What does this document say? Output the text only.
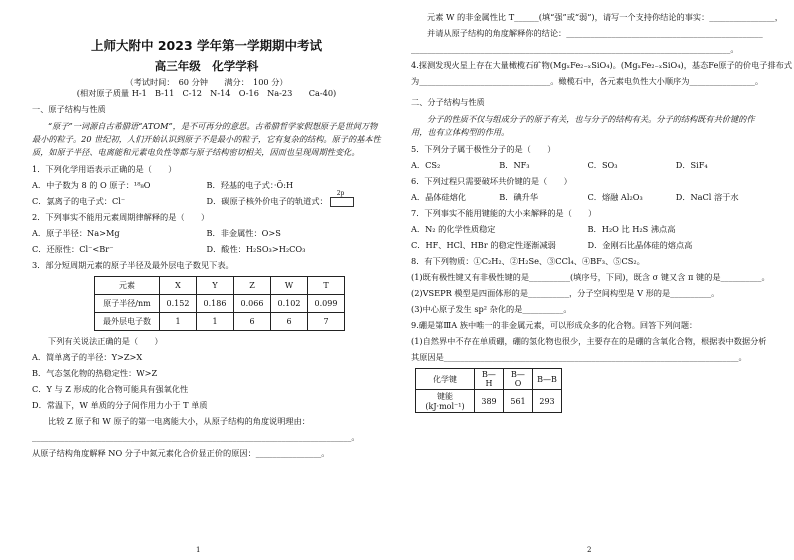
上师大附中 2023 学年第一学期期中考试

高三年级　化学学科

（考试时间：　60 分钟　　满分：　100 分）

(相对原子质量 H-1　B-11　C-12　N-14　O-16　Na-23　　Ca-40)

一、原子结构与性质

“原子”一词源自古希腊语“ATOM”，是不可再分的意思。古希腊哲学家假想原子是世间万物最小的粒子。20 世纪初，人们开始认识到原子不是最小的粒子，它有复杂的结构。原子的基本性质，如原子半径、电离能和元素电负性等都与原子结构密切相关，因而也呈现周期性变化。

1．下列化学用语表示正确的是（　　）

A．中子数为 8 的 O 原子：¹⁸₈O	B．羟基的电子式：·Ö:H

C．氯离子的电子式：Cl⁻	D．碳原子核外价电子的轨道式：
2p

2．下列事实不能用元素周期律解释的是（　　）

A．原子半径：Na>Mg	B．非金属性：O>S

C．还原性：Cl⁻<Br⁻	D．酸性：H₂SO₃>H₂CO₃

3．部分短周期元素的原子半径及最外层电子数见下表。

元素	X	Y	Z	W	T
原子半径/nm	0.152	0.186	0.066	0.102	0.099
最外层电子数	1	1	6	6	7

下列有关说法正确的是（　　）

A．简单离子的半径：Y>Z>X

B．气态氢化物的热稳定性：W>Z

C．Y 与 Z 形成的化合物可能具有强氧化性

D．常温下，W 单质的分子间作用力小于 T 单质

比较 Z 原子和 W 原子的第一电离能大小，从原子结构的角度说明理由：

______________________________________________________________________________。

从原子结构角度解释 NO 分子中氮元素化合价显正价的原因：________________。

1

元素 W 的非金属性比 T______(填“强”或“弱”)，请写一个支持你结论的事实：________________，

并请从原子结构的角度解释你的结论：________________________________________________

______________________________________________________________________________。

4.探测发现火星上存在大量橄榄石矿物(MgₓFe₂₋ₓSiO₄)。(MgₓFe₂₋ₓSiO₄)，基态Fe原子的价电子排布式

为________________________________。橄榄石中，各元素电负性大小顺序为________________。

二、分子结构与性质

分子的性质不仅与组成分子的原子有关，也与分子的结构有关。分子的结构既有共价键的作用，也有立体构型的作用。

5．下列分子属于极性分子的是（　　）

A．CS₂	B．NF₃	C．SO₃	D．SiF₄

6．下列过程只需要破坏共价键的是（　　）

A．晶体硅熔化	B．碘升华	C．熔融 Al₂O₃	D．NaCl 溶于水

7．下列事实不能用键能的大小来解释的是（　　）

A．N₂ 的化学性质稳定	B．H₂O 比 H₂S 沸点高

C．HF、HCl、HBr 的稳定性逐渐减弱	D．金刚石比晶体硅的熔点高

8．有下列物质：①C₂H₂、②H₂Se、③CCl₄、④BF₃、⑤CS₂。

(1)既有极性键又有非极性键的是__________(填序号，下同)，既含 σ 键又含 π 键的是__________。

(2)VSEPR 模型是四面体形的是__________，分子空间构型是 V 形的是__________。

(3)中心原子发生 sp² 杂化的是__________。

9.硼是第ⅢA 族中唯一的非金属元素，可以形成众多的化合物。回答下列问题：

(1)自然界中不存在单质硼，硼的氢化物也很少，主要存在的是硼的含氧化合物，根据表中数据分析

其原因是________________________________________________________________________。

化学键	B—H	B—O	B—B
键能(kJ·mol⁻¹)	389	561	293
2
